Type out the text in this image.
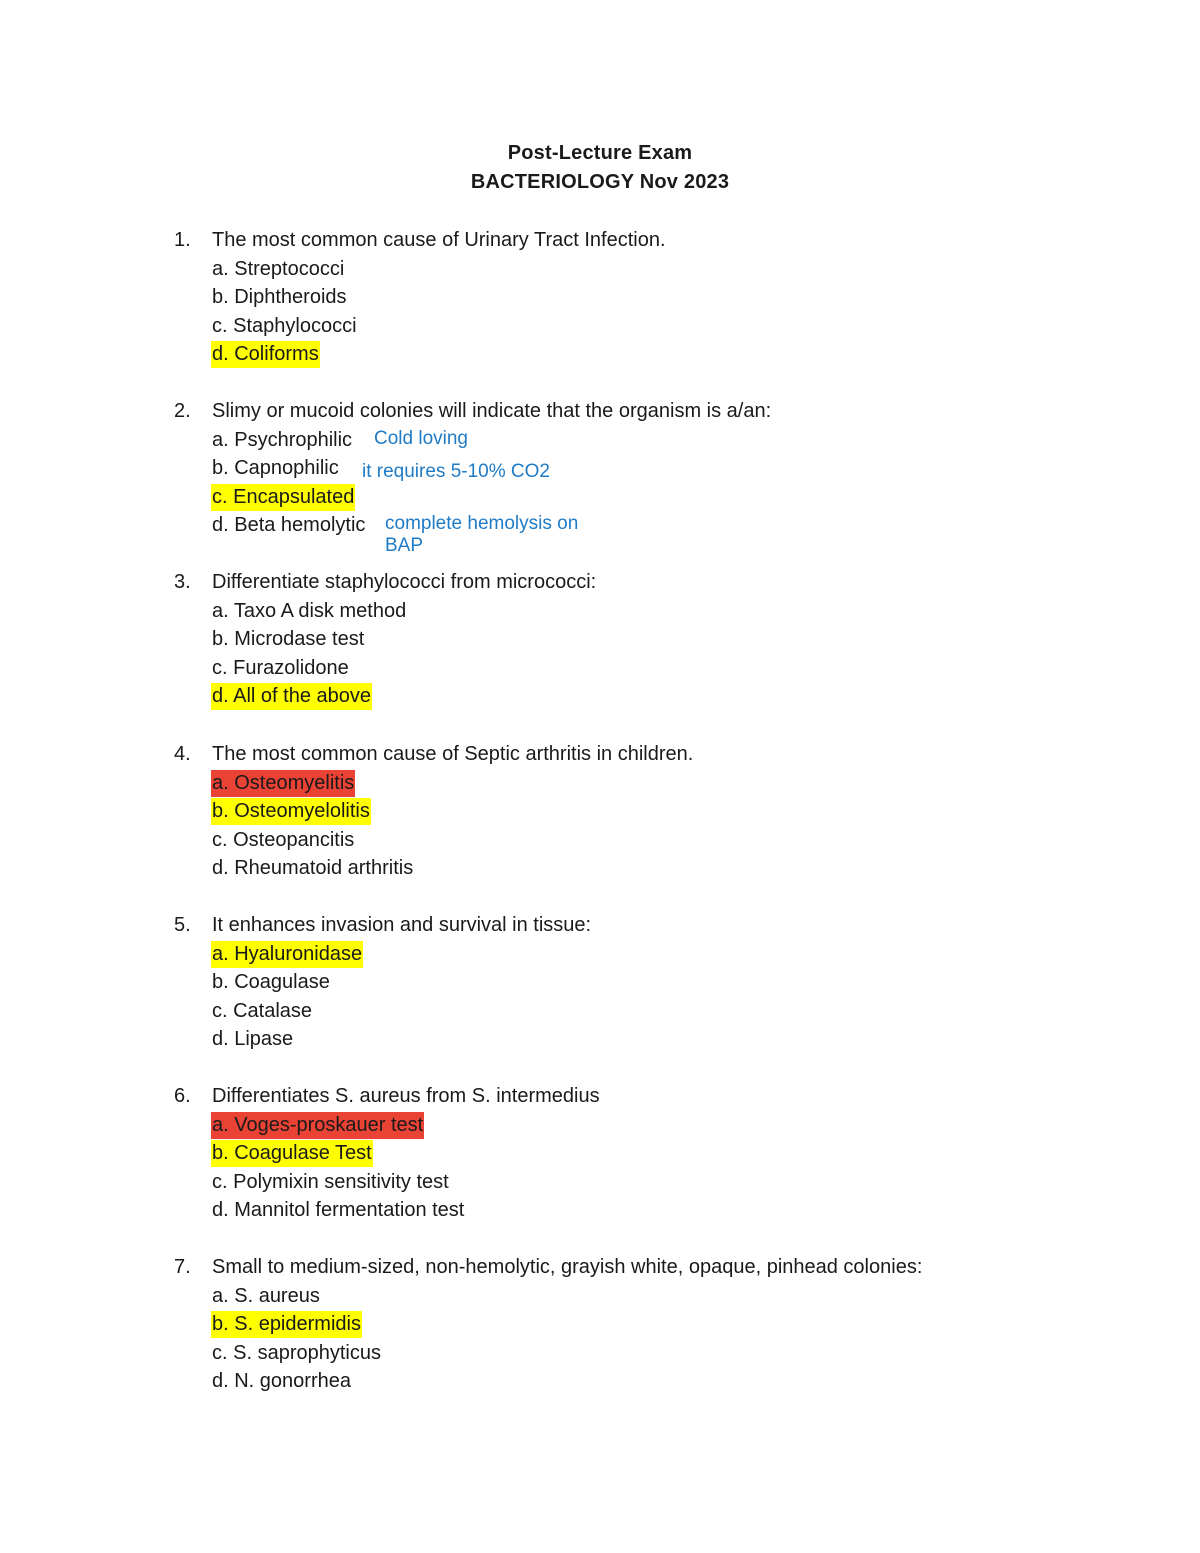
Post-Lecture Exam
BACTERIOLOGY Nov 2023
1.	The most common cause of Urinary Tract Infection.
a. Streptococci
b. Diphtheroids
c. Staphylococci
d. Coliforms
2.	Slimy or mucoid colonies will indicate that the organism is a/an:
a. Psychrophilic
b. Capnophilic
c. Encapsulated
d. Beta hemolytic
Cold loving
it requires 5-10% CO2
complete hemolysis on
BAP
3.	Differentiate staphylococci from micrococci:
a. Taxo A disk method
b. Microdase test
c. Furazolidone
d. All of the above
4.	The most common cause of Septic arthritis in children.
a. Osteomyelitis
b. Osteomyelolitis
c. Osteopancitis
d. Rheumatoid arthritis
5.	It enhances invasion and survival in tissue:
a. Hyaluronidase
b. Coagulase
c. Catalase
d. Lipase
6.	Differentiates S. aureus from S. intermedius
a. Voges-proskauer test
b. Coagulase Test
c. Polymixin sensitivity test
d. Mannitol fermentation test
7.	Small to medium-sized, non-hemolytic, grayish white, opaque, pinhead colonies:
a. S. aureus
b. S. epidermidis
c. S. saprophyticus
d. N. gonorrhea
